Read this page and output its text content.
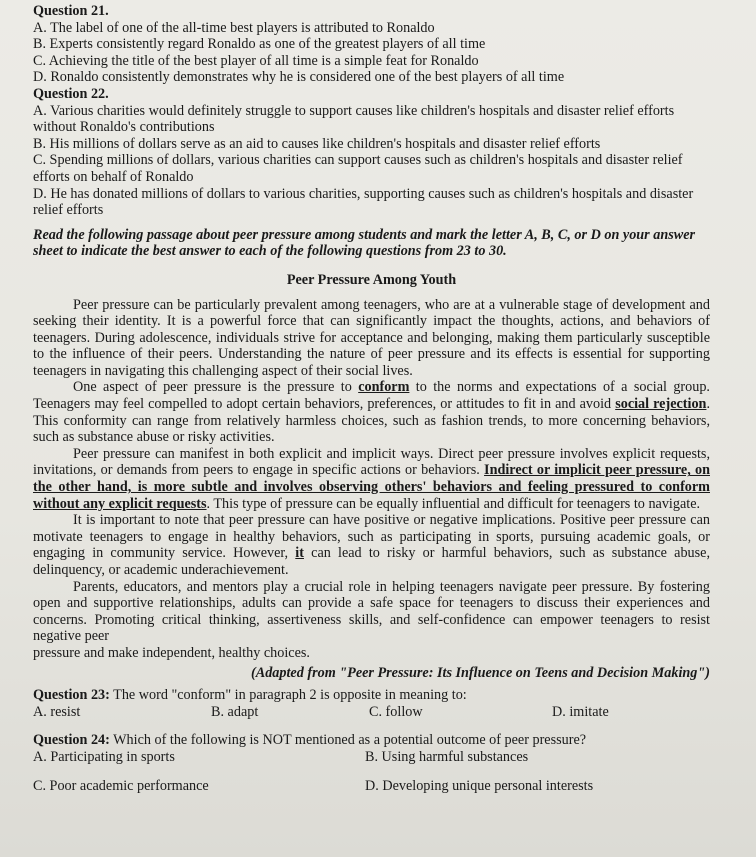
Question 21.
A. The label of one of the all-time best players is attributed to Ronaldo
B. Experts consistently regard Ronaldo as one of the greatest players of all time
C. Achieving the title of the best player of all time is a simple feat for Ronaldo
D. Ronaldo consistently demonstrates why he is considered one of the best players of all time
Question 22.
A. Various charities would definitely struggle to support causes like children's hospitals and disaster relief efforts without Ronaldo's contributions
B. His millions of dollars serve as an aid to causes like children's hospitals and disaster relief efforts
C. Spending millions of dollars, various charities can support causes such as children's hospitals and disaster relief efforts on behalf of Ronaldo
D. He has donated millions of dollars to various charities, supporting causes such as children's hospitals and disaster relief efforts
Read the following passage about peer pressure among students and mark the letter A, B, C, or D on your answer sheet to indicate the best answer to each of the following questions from 23 to 30.
Peer Pressure Among Youth

Peer pressure can be particularly prevalent among teenagers, who are at a vulnerable stage of development and seeking their identity. It is a powerful force that can significantly impact the thoughts, actions, and behaviors of teenagers. During adolescence, individuals strive for acceptance and belonging, making them particularly susceptible to the influence of their peers. Understanding the nature of peer pressure and its effects is essential for supporting teenagers in navigating this challenging aspect of their social lives.

One aspect of peer pressure is the pressure to conform to the norms and expectations of a social group. Teenagers may feel compelled to adopt certain behaviors, preferences, or attitudes to fit in and avoid social rejection. This conformity can range from relatively harmless choices, such as fashion trends, to more concerning behaviors, such as substance abuse or risky activities.

Peer pressure can manifest in both explicit and implicit ways. Direct peer pressure involves explicit requests, invitations, or demands from peers to engage in specific actions or behaviors. Indirect or implicit peer pressure, on the other hand, is more subtle and involves observing others' behaviors and feeling pressured to conform without any explicit requests. This type of pressure can be equally influential and difficult for teenagers to navigate.

It is important to note that peer pressure can have positive or negative implications. Positive peer pressure can motivate teenagers to engage in healthy behaviors, such as participating in sports, pursuing academic goals, or engaging in community service. However, it can lead to risky or harmful behaviors, such as substance abuse, delinquency, or academic underachievement.

Parents, educators, and mentors play a crucial role in helping teenagers navigate peer pressure. By fostering open and supportive relationships, adults can provide a safe space for teenagers to discuss their experiences and concerns. Promoting critical thinking, assertiveness skills, and self-confidence can empower teenagers to resist negative peer

pressure and make independent, healthy choices.
(Adapted from "Peer Pressure: Its Influence on Teens and Decision Making")
Question 23: The word "conform" in paragraph 2 is opposite in meaning to:
A. resist	B. adapt	C. follow	D. imitate
Question 24: Which of the following is NOT mentioned as a potential outcome of peer pressure?
A. Participating in sports	B. Using harmful substances
C. Poor academic performance	D. Developing unique personal interests
